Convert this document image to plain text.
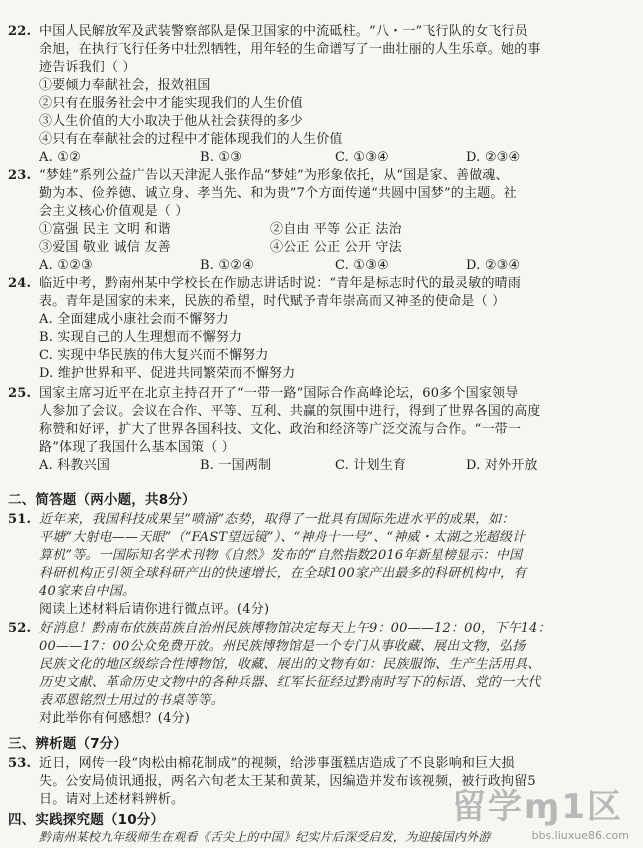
22. 中国人民解放军及武装警察部队是保卫国家的中流砥柱。“八・一”飞行队的女飞行员
余旭，在执行飞行任务中壮烈牺牲，用年轻的生命谱写了一曲壮丽的人生乐章。她的事
迹告诉我们（ ）
①要倾力奉献社会，报效祖国
②只有在服务社会中才能实现我们的人生价值
③人生价值的大小取决于他从社会获得的多少
④只有在奉献社会的过程中才能体现我们的人生价值
A. ①②	B. ①③	C. ①③④	D. ②③④
23. “梦娃”系列公益广告以天津泥人张作品“梦娃”为形象依托，从“国是家、善做魂、
勤为本、俭养德、诚立身、孝当先、和为贵”7个方面传递“共圆中国梦”的主题。社
会主义核心价值观是（ ）
①富强 民主 文明 和谐	②自由 平等 公正 法治
③爱国 敬业 诚信 友善	④公正 公正 公开 守法
A. ①②③	B. ①②④	C. ①③④	D. ②③④
24. 临近中考，黔南州某中学校长在作励志讲话时说：“青年是标志时代的最灵敏的晴雨
表。青年是国家的未来，民族的希望，时代赋予青年崇高而又神圣的使命是（ ）
A. 全面建成小康社会而不懈努力
B. 实现自己的人生理想而不懈努力
C. 实现中华民族的伟大复兴而不懈努力
D. 维护世界和平、促进共同繁荣而不懈努力
25. 国家主席习近平在北京主持召开了“一带一路”国际合作高峰论坛，60多个国家领导
人参加了会议。会议在合作、平等、互利、共赢的氛围中进行，得到了世界各国的高度
称赞和好评，扩大了世界各国科技、文化、政治和经济等广泛交流与合作。“一带一
路”体现了我国什么基本国策（ ）
A. 科教兴国	B. 一国两制	C. 计划生育	D. 对外开放
二、简答题（两小题，共8分）
51. 近年来，我国科技成果呈“喷涌”态势，取得了一批具有国际先进水平的成果，如：
平塘“大射电——天眼”（“FAST望远镜”）、“神舟十一号”、“神威・太湖之光超级计
算机”等。一国际知名学术刊物《自然》发布的“自然指数2016年新星榜显示：中国
科研机构正引领全球科研产出的快速增长，在全球100家产出最多的科研机构中，有
40家来自中国。
阅读上述材料后请你进行微点评。(4分)
52. 好消息！黔南布依族苗族自治州民族博物馆决定每天上午9：00——12：00，下午14：
00——17：00公众免费开放。州民族博物馆是一个专门从事收藏、展出文物，弘扬
民族文化的地区级综合性博物馆，收藏、展出的文物有如：民族服饰、生产生活用具、
历史文献、革命历史文物中的各种兵器、红军长征经过黔南时写下的标语、党的一大代
表邓恩铭烈士用过的书桌等等。
对此举你有何感想？(4分)
三、辨析题（7分）
53. 近日，网传一段“肉松由棉花制成”的视频，给涉事蛋糕店造成了不良影响和巨大损
失。公安局侦讯通报，两名六旬老太王某和黄某，因编造并发布该视频，被行政拘留5
日。请对上述材料辨析。
四、实践探究题（10分）
黔南州某校九年级师生在观看《舌尖上的中国》纪实片后深受启发，为迎接国内外游
留学ɱ1区
bbs.liuxue86.com
